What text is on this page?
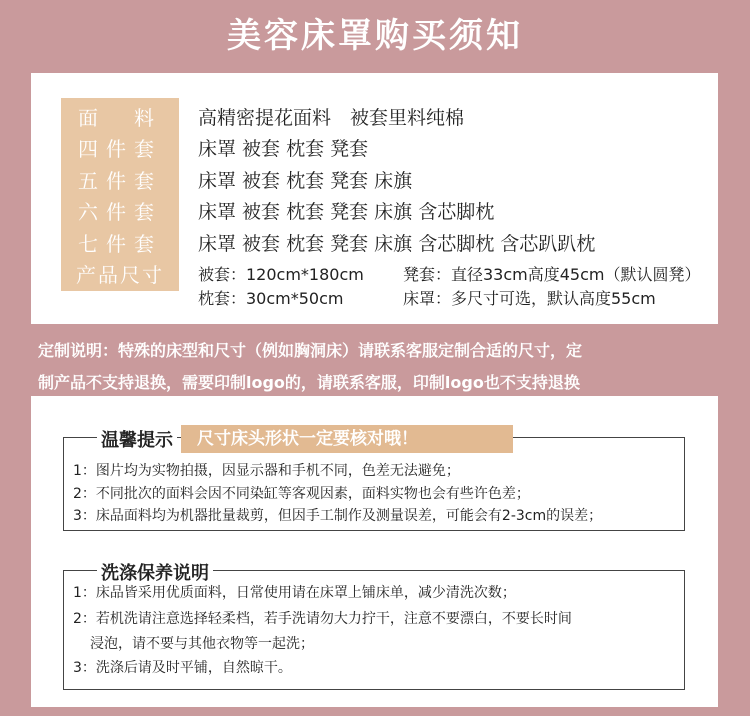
美容床罩购买须知
面　料	高精密提花面料　被套里料纯棉
四件套	床罩 被套 枕套 凳套
五件套	床罩 被套 枕套 凳套 床旗
六件套	床罩 被套 枕套 凳套 床旗 含芯脚枕
七件套	床罩 被套 枕套 凳套 床旗 含芯脚枕 含芯趴趴枕
产品尺寸	被套：120cm*180cm 凳套：直径33cm高度45cm（默认圆凳）
枕套：30cm*50cm	床罩：多尺寸可选，默认高度55cm
定制说明：特殊的床型和尺寸（例如胸洞床）请联系客服定制合适的尺寸，定
制产品不支持退换，需要印制logo的，请联系客服，印制logo也不支持退换
温馨提示 尺寸床头形状一定要核对哦！
1：图片均为实物拍摄，因显示器和手机不同，色差无法避免；
2：不同批次的面料会因不同染缸等客观因素，面料实物也会有些许色差；
3：床品面料均为机器批量裁剪，但因手工制作及测量误差，可能会有2-3cm的误差；
洗涤保养说明
1：床品皆采用优质面料，日常使用请在床罩上铺床单，减少清洗次数；
2：若机洗请注意选择轻柔档，若手洗请勿大力拧干，注意不要漂白，不要长时间
浸泡，请不要与其他衣物等一起洗；
3：洗涤后请及时平铺，自然晾干。
